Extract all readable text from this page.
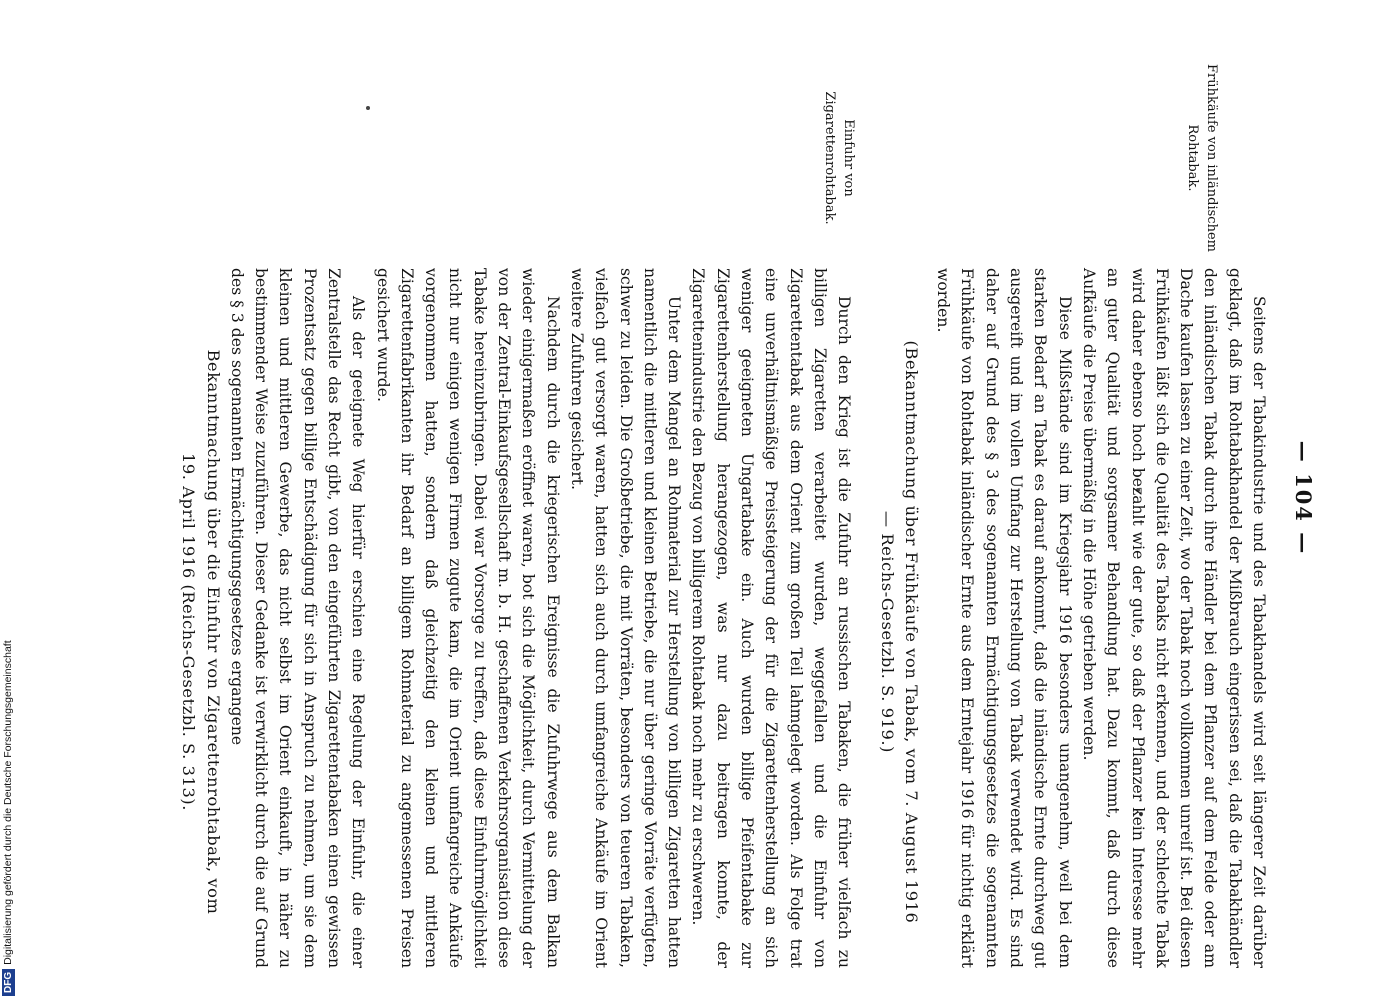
DFGDigitalisierung gefördert durch die Deutsche Forschungsgemeinschaft
— 104 —
Frühkäufe von inländischem Rohtabak.
Einfuhr von Zigarettenrohtabak.

Seitens der Tabakindustrie und des Tabakhandels wird seit längerer Zeit darüber geklagt, daß im Rohtabakhandel der Mißbrauch eingerissen sei, daß die Tabakhändler den inländischen Tabak durch ihre Händler bei dem Pflanzer auf dem Felde oder am Dache kaufen lassen zu einer Zeit, wo der Tabak noch vollkommen unreif ist. Bei diesen Frühkäufen läßt sich die Qualität des Tabaks nicht erkennen, und der schlechte Tabak wird daher ebenso hoch bezahlt wie der gute, so daß der Pflanzer kein Interesse mehr an guter Qualität und sorgsamer Behandlung hat. Dazu kommt, daß durch diese Aufkäufe die Preise übermäßig in die Höhe getrieben werden.

Diese Mißstände sind im Kriegsjahr 1916 besonders unangenehm, weil bei dem starken Bedarf an Tabak es darauf ankommt, daß die inländische Ernte durchweg gut ausgereift und im vollen Umfang zur Herstellung von Tabak verwendet wird. Es sind daher auf Grund des § 3 des sogenannten Ermächtigungsgesetzes die sogenannten Frühkäufe von Rohtabak inländischer Ernte aus dem Erntejahr 1916 für nichtig erklärt worden.

(Bekanntmachung über Frühkäufe von Tabak, vom 7. August 1916

— Reichs-Gesetzbl. S. 919.)

Durch den Krieg ist die Zufuhr an russischen Tabaken, die früher vielfach zu billigen Zigaretten verarbeitet wurden, weggefallen und die Einfuhr von Zigarettentabak aus dem Orient zum großen Teil lahmgelegt worden. Als Folge trat eine unverhältnismäßige Preissteigerung der für die Zigarettenherstellung an sich weniger geeigneten Ungartabake ein. Auch wurden billige Pfeifentabake zur Zigarettenherstellung herangezogen, was nur dazu beitragen konnte, der Zigarettenindustrie den Bezug von billigerem Rohtabak noch mehr zu erschweren.

Unter dem Mangel an Rohmaterial zur Herstellung von billigen Zigaretten hatten namentlich die mittleren und kleinen Betriebe, die nur über geringe Vorräte verfügten, schwer zu leiden. Die Großbetriebe, die mit Vorräten, besonders von teueren Tabaken, vielfach gut versorgt waren, hatten sich auch durch umfangreiche Ankäufe im Orient weitere Zufuhren gesichert.

Nachdem durch die kriegerischen Ereignisse die Zufuhrwege aus dem Balkan wieder einigermaßen eröffnet waren, bot sich die Möglichkeit, durch Vermittelung der von der Zentral-Einkaufsgesellschaft m. b. H. geschaffenen Verkehrsorganisation diese Tabake hereinzubringen. Dabei war Vorsorge zu treffen, daß diese Einfuhrmöglichkeit nicht nur einigen wenigen Firmen zugute kam, die im Orient umfangreiche Ankäufe vorgenommen hatten, sondern daß gleichzeitig den kleinen und mittleren Zigarettenfabrikanten ihr Bedarf an billigem Rohmaterial zu angemessenen Preisen gesichert wurde.

Als der geeignete Weg hierfür erschien eine Regelung der Einfuhr, die einer Zentralstelle das Recht gibt, von den eingeführten Zigarettentabaken einen gewissen Prozentsatz gegen billige Entschädigung für sich in Anspruch zu nehmen, um sie dem kleinen und mittleren Gewerbe, das nicht selbst im Orient einkauft, in näher zu bestimmender Weise zuzuführen. Dieser Gedanke ist verwirklicht durch die auf Grund des § 3 des sogenannten Ermächtigungsgesetzes ergangene

Bekanntmachung über die Einfuhr von Zigarettenrohtabak, vom

19. April 1916 (Reichs-Gesetzbl. S. 313).
